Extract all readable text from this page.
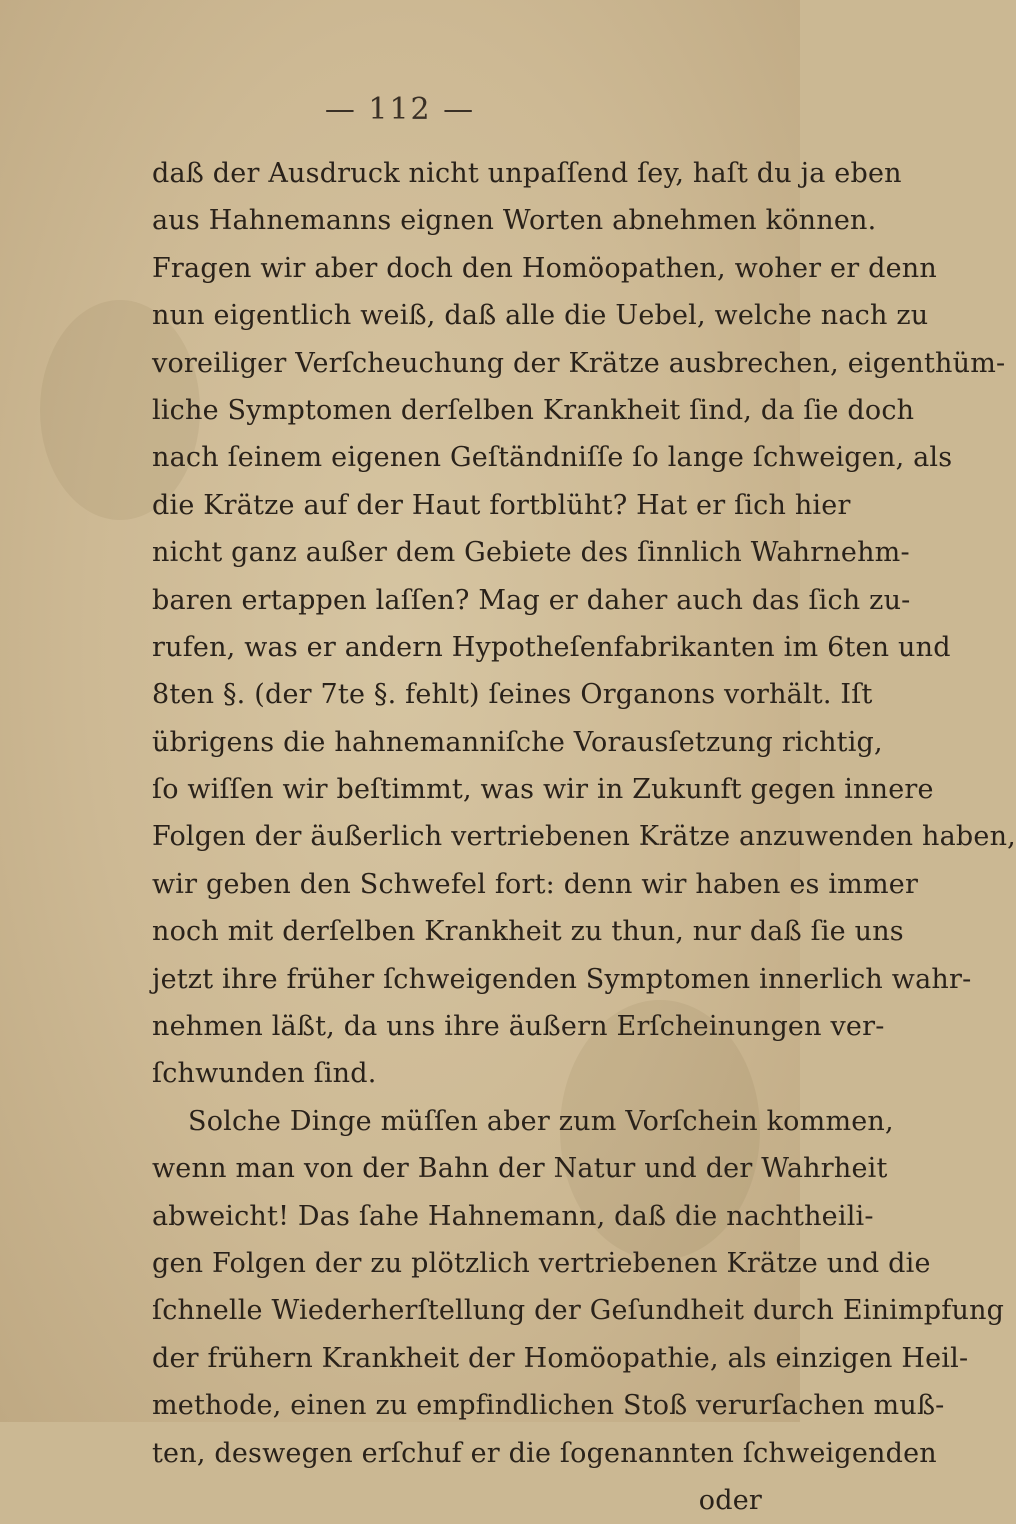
— 112 —
daß der Ausdruck nicht unpaſſend ſey, haſt du ja eben
aus Hahnemanns eignen Worten abnehmen können.
Fragen wir aber doch den Homöopathen, woher er denn
nun eigentlich weiß, daß alle die Uebel, welche nach zu
voreiliger Verſcheuchung der Krätze ausbrechen, eigenthüm-
liche Symptomen derſelben Krankheit ſind, da ſie doch
nach ſeinem eigenen Geſtändniſſe ſo lange ſchweigen, als
die Krätze auf der Haut fortblüht? Hat er ſich hier
nicht ganz außer dem Gebiete des ſinnlich Wahrnehm-
baren ertappen laſſen? Mag er daher auch das ſich zu-
rufen, was er andern Hypotheſenfabrikanten im 6ten und
8ten §. (der 7te §. fehlt) ſeines Organons vorhält. Iſt
übrigens die hahnemanniſche Vorausſetzung richtig,
ſo wiſſen wir beſtimmt, was wir in Zukunft gegen innere
Folgen der äußerlich vertriebenen Krätze anzuwenden haben,
wir geben den Schwefel fort: denn wir haben es immer
noch mit derſelben Krankheit zu thun, nur daß ſie uns
jetzt ihre früher ſchweigenden Symptomen innerlich wahr-
nehmen läßt, da uns ihre äußern Erſcheinungen ver-
ſchwunden ſind.
Solche Dinge müſſen aber zum Vorſchein kommen,
wenn man von der Bahn der Natur und der Wahrheit
abweicht! Das ſahe Hahnemann, daß die nachtheili-
gen Folgen der zu plötzlich vertriebenen Krätze und die
ſchnelle Wiederherſtellung der Geſundheit durch Einimpfung
der frühern Krankheit der Homöopathie, als einzigen Heil-
methode, einen zu empfindlichen Stoß verurſachen muß-
ten, deswegen erſchuf er die ſogenannten ſchweigenden
oder
